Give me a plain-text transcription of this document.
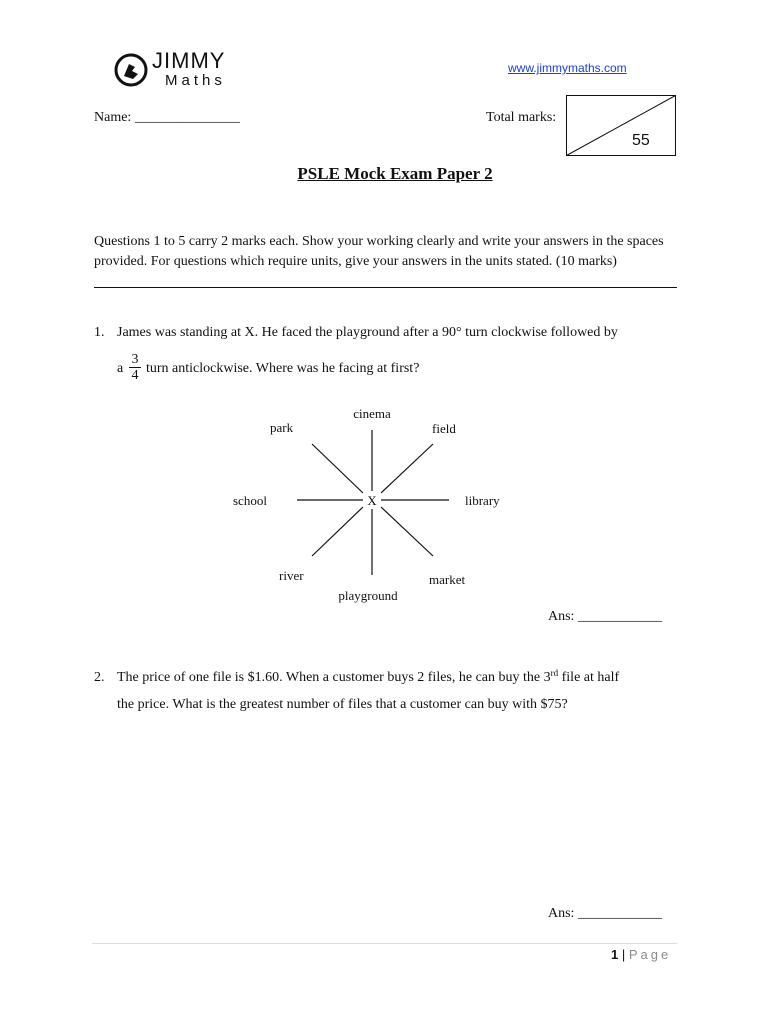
JIMMY
Maths
www.jimmymaths.com
Name: _______________	Total marks:
55
PSLE Mock Exam Paper 2
Questions 1 to 5 carry 2 marks each. Show your working clearly and write your answers in the spaces provided. For questions which require units, give your answers in the units stated. (10 marks)
1. James was standing at X. He faced the playground after a 90° turn clockwise followed by
a $\frac{3}{4}$ turn anticlockwise. Where was he facing at first?
X
cinema
field
library
market
playground
river
school
park
Ans: ____________
2. The price of one file is $1.60. When a customer buys 2 files, he can buy the 3rd file at half
the price. What is the greatest number of files that a customer can buy with $75?
Ans: ____________
1 | Page
